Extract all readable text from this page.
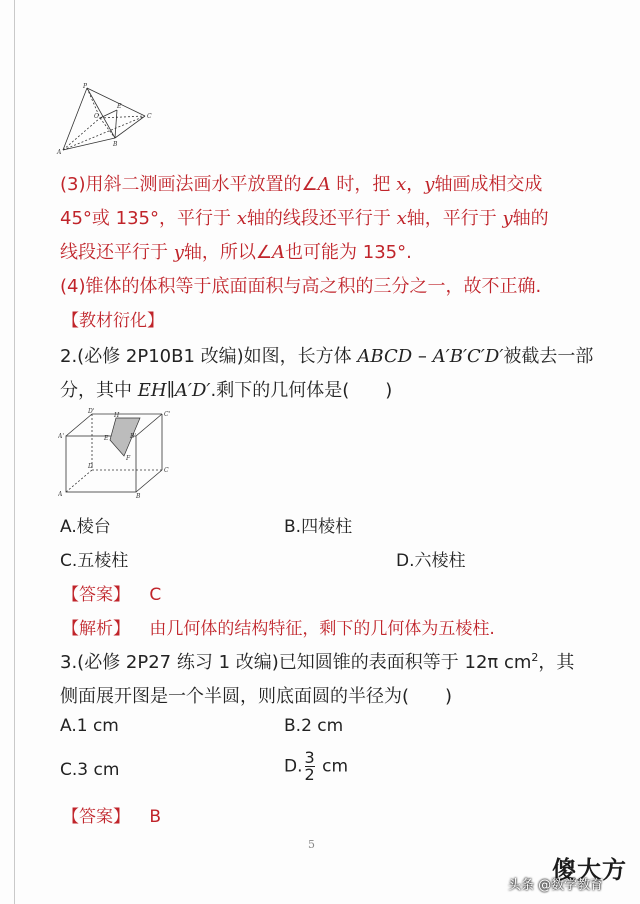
P
O
E
C
B
A
(3)用斜二测画法画水平放置的∠A 时，把 x，y轴画成相交成
45°或 135°，平行于 x轴的线段还平行于 x轴，平行于 y轴的
线段还平行于 y轴，所以∠A也可能为 135°.
(4)锥体的体积等于底面面积与高之积的三分之一，故不正确.
【教材衍化】
2.(必修 2P10B1 改编)如图，长方体 ABCD – A′B′C′D′被截去一部
分，其中 EH∥A′D′.剩下的几何体是(　　)
D'
H	C'
A'	E	B'
D
C
F
A	B
A.棱台	B.四棱柱
C.五棱柱	D.六棱柱
【答案】 C
【解析】 由几何体的结构特征，剩下的几何体为五棱柱.
3.(必修 2P27 练习 1 改编)已知圆锥的表面积等于 12π $cm^2$，其
侧面展开图是一个半圆，则底面圆的半径为(　　)
A.1 cm	B.2 cm
C.3 cm	D. $\frac{3}{2}$ cm
【答案】 B
5
傻大方
头条 @数学教育
